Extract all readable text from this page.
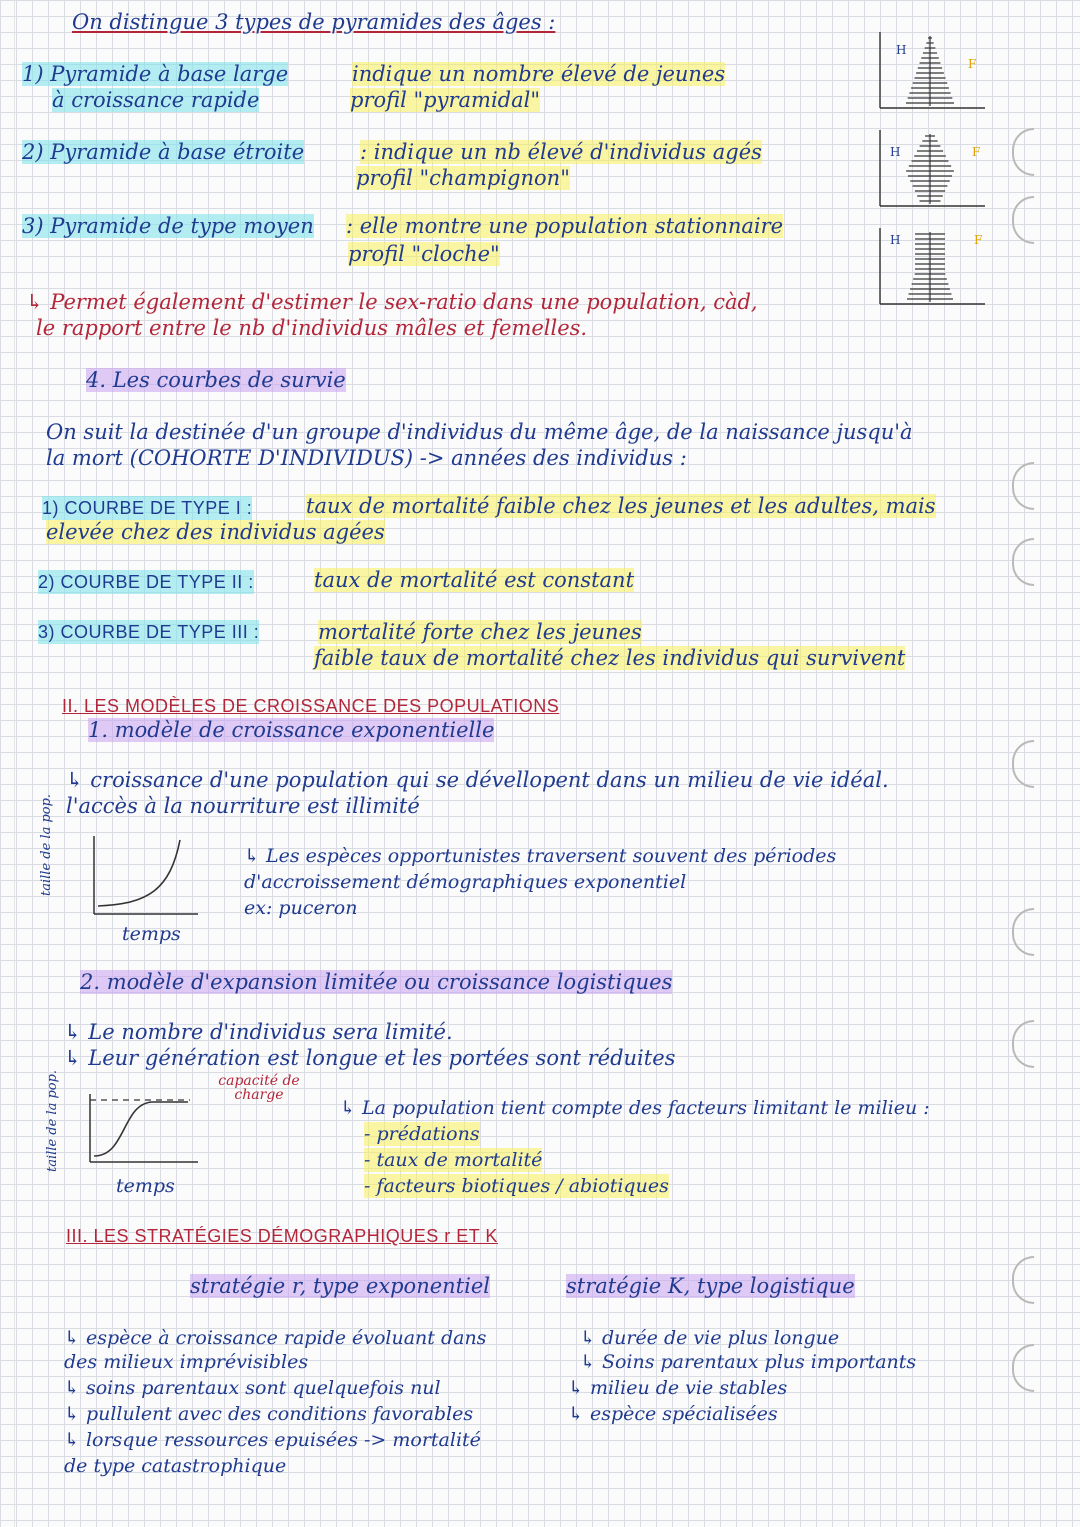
On distingue 3 types de pyramides des âges :
1) Pyramide à base large	indique un nombre élevé de jeunes
à croissance rapide	profil "pyramidal"
2) Pyramide à base étroite	: indique un nb élevé d'individus agés
profil "champignon"
3) Pyramide de type moyen : elle montre une population stationnaire
profil "cloche"
↳ Permet également d'estimer le sex-ratio dans une population, càd,
le rapport entre le nb d'individus mâles et femelles.
H
F
H	F
H	F
4. Les courbes de survie
On suit la destinée d'un groupe d'individus du même âge, de la naissance jusqu'à
la mort (COHORTE D'INDIVIDUS) -> années des individus :
1) COURBE DE TYPE I :	taux de mortalité faible chez les jeunes et les adultes, mais
elevée chez des individus agées
2) COURBE DE TYPE II :	taux de mortalité est constant
3) COURBE DE TYPE III :	mortalité forte chez les jeunes
faible taux de mortalité chez les individus qui survivent
II. LES MODÈLES DE CROISSANCE DES POPULATIONS
1. modèle de croissance exponentielle
↳ croissance d'une population qui se dévellopent dans un milieu de vie idéal.
l'accès à la nourriture est illimité
taille de la pop.
temps
↳ Les espèces opportunistes traversent souvent des périodes
d'accroissement démographiques exponentiel
ex: puceron
2. modèle d'expansion limitée ou croissance logistiques
↳ Le nombre d'individus sera limité.
↳ Leur génération est longue et les portées sont réduites
capacité de charge
taille de la pop.
temps
↳ La population tient compte des facteurs limitant le milieu :
- prédations
- taux de mortalité
- facteurs biotiques / abiotiques
III. LES STRATÉGIES DÉMOGRAPHIQUES r ET K
stratégie r, type exponentiel	stratégie K, type logistique
↳ espèce à croissance rapide évoluant dans
des milieux imprévisibles
↳ soins parentaux sont quelquefois nul
↳ pullulent avec des conditions favorables
↳ lorsque ressources epuisées -> mortalité
de type catastrophique
↳ durée de vie plus longue
↳ Soins parentaux plus importants
↳ milieu de vie stables
↳ espèce spécialisées
